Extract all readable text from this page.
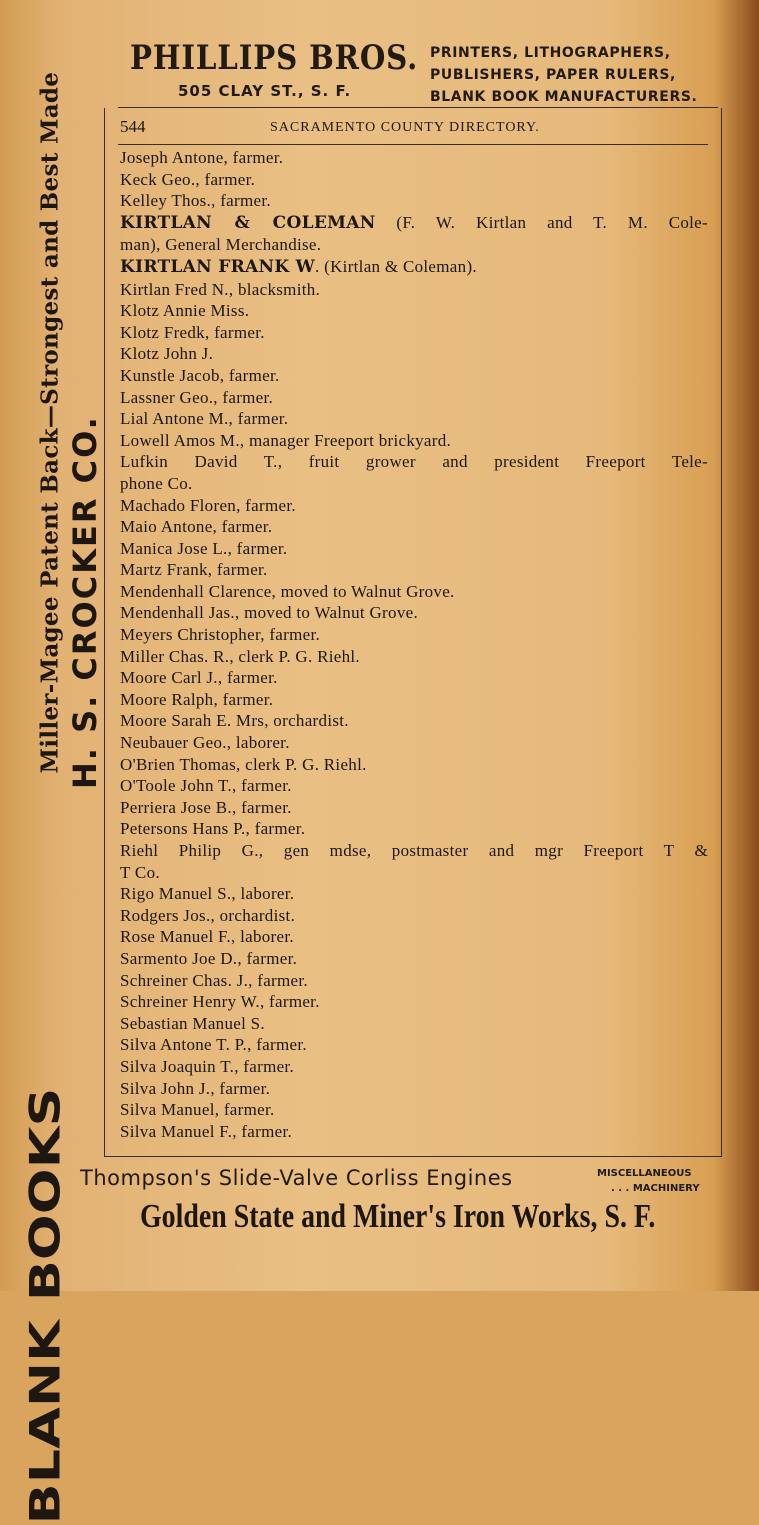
PHILLIPS BROS.
505 CLAY ST., S. F.
PRINTERS, LITHOGRAPHERS,
PUBLISHERS, PAPER RULERS,
BLANK BOOK MANUFACTURERS.
BLANK BOOKS
Miller-Magee Patent Back—Strongest and Best Made H. S. CROCKER CO.
544	SACRAMENTO COUNTY DIRECTORY.
Joseph Antone, farmer.
Keck Geo., farmer.
Kelley Thos., farmer.
KIRTLAN & COLEMAN (F. W. Kirtlan and T. M. Cole-
man), General Merchandise.
KIRTLAN FRANK W. (Kirtlan & Coleman).
Kirtlan Fred N., blacksmith.
Klotz Annie Miss.
Klotz Fredk, farmer.
Klotz John J.
Kunstle Jacob, farmer.
Lassner Geo., farmer.
Lial Antone M., farmer.
Lowell Amos M., manager Freeport brickyard.
Lufkin David T., fruit grower and president Freeport Tele-
phone Co.
Machado Floren, farmer.
Maio Antone, farmer.
Manica Jose L., farmer.
Martz Frank, farmer.
Mendenhall Clarence, moved to Walnut Grove.
Mendenhall Jas., moved to Walnut Grove.
Meyers Christopher, farmer.
Miller Chas. R., clerk P. G. Riehl.
Moore Carl J., farmer.
Moore Ralph, farmer.
Moore Sarah E. Mrs, orchardist.
Neubauer Geo., laborer.
O'Brien Thomas, clerk P. G. Riehl.
O'Toole John T., farmer.
Perriera Jose B., farmer.
Petersons Hans P., farmer.
Riehl Philip G., gen mdse, postmaster and mgr Freeport T &
T Co.
Rigo Manuel S., laborer.
Rodgers Jos., orchardist.
Rose Manuel F., laborer.
Sarmento Joe D., farmer.
Schreiner Chas. J., farmer.
Schreiner Henry W., farmer.
Sebastian Manuel S.
Silva Antone T. P., farmer.
Silva Joaquin T., farmer.
Silva John J., farmer.
Silva Manuel, farmer.
Silva Manuel F., farmer.
Thompson's Slide-Valve Corliss Engines	MISCELLANEOUS
. . . MACHINERY
Golden State and Miner's Iron Works, S. F.
